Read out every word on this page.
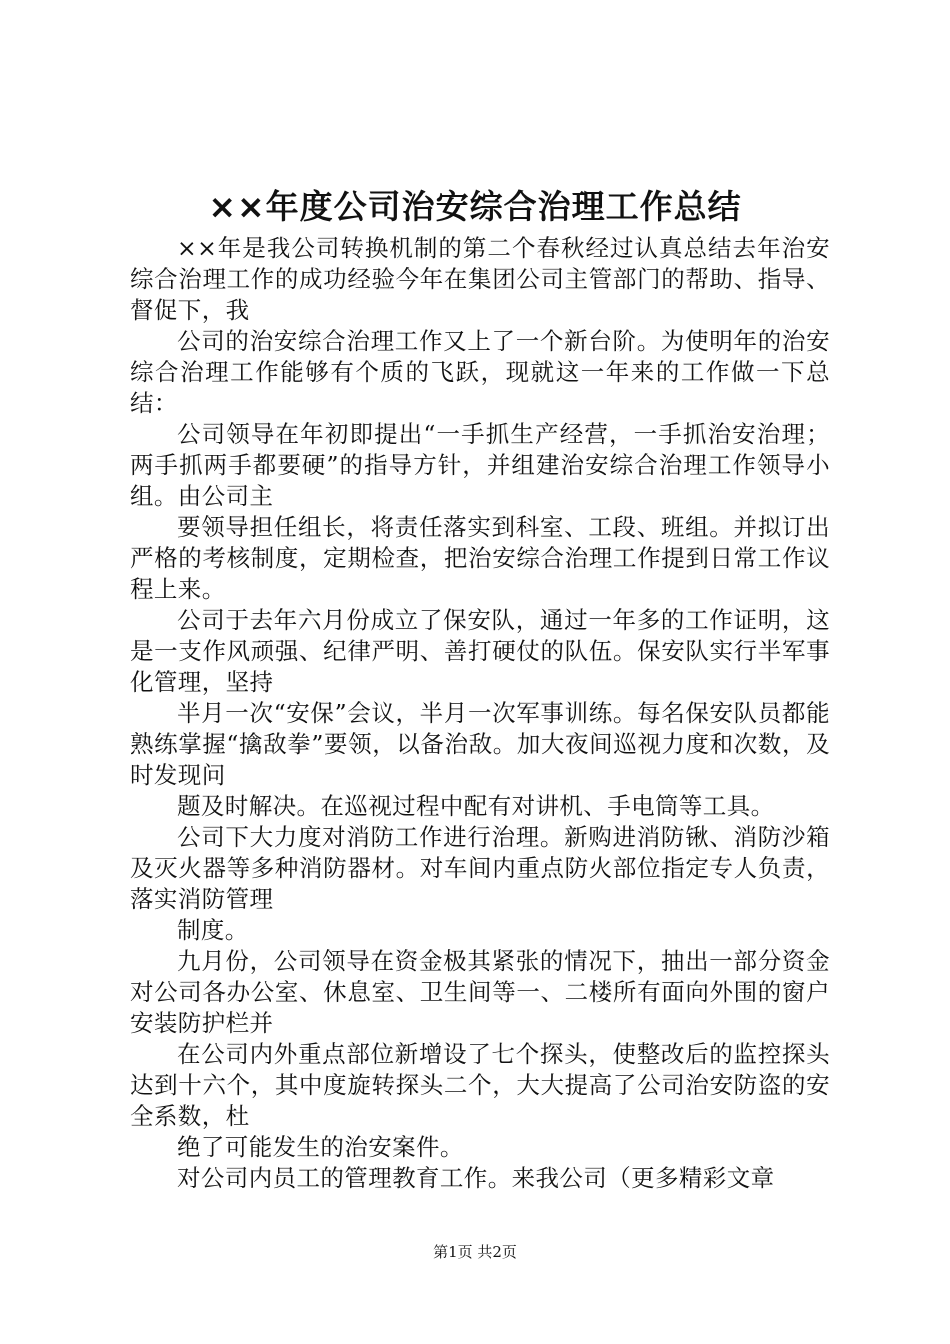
××年度公司治安综合治理工作总结

××年是我公司转换机制的第二个春秋经过认真总结去年治安综合治理工作的成功经验今年在集团公司主管部门的帮助、指导、督促下，我

公司的治安综合治理工作又上了一个新台阶。为使明年的治安综合治理工作能够有个质的飞跃，现就这一年来的工作做一下总结：

公司领导在年初即提出“一手抓生产经营，一手抓治安治理；两手抓两手都要硬”的指导方针，并组建治安综合治理工作领导小组。由公司主

要领导担任组长，将责任落实到科室、工段、班组。并拟订出严格的考核制度，定期检查，把治安综合治理工作提到日常工作议程上来。

公司于去年六月份成立了保安队，通过一年多的工作证明，这是一支作风顽强、纪律严明、善打硬仗的队伍。保安队实行半军事化管理，坚持

半月一次“安保”会议，半月一次军事训练。每名保安队员都能熟练掌握“擒敌拳”要领，以备治敌。加大夜间巡视力度和次数，及时发现问

题及时解决。在巡视过程中配有对讲机、手电筒等工具。

公司下大力度对消防工作进行治理。新购进消防锹、消防沙箱及灭火器等多种消防器材。对车间内重点防火部位指定专人负责，落实消防管理

制度。

九月份，公司领导在资金极其紧张的情况下，抽出一部分资金对公司各办公室、休息室、卫生间等一、二楼所有面向外围的窗户安装防护栏并

在公司内外重点部位新增设了七个探头，使整改后的监控探头达到十六个，其中度旋转探头二个，大大提高了公司治安防盗的安全系数，杜

绝了可能发生的治安案件。

对公司内员工的管理教育工作。来我公司（更多精彩文章

第1页 共2页
